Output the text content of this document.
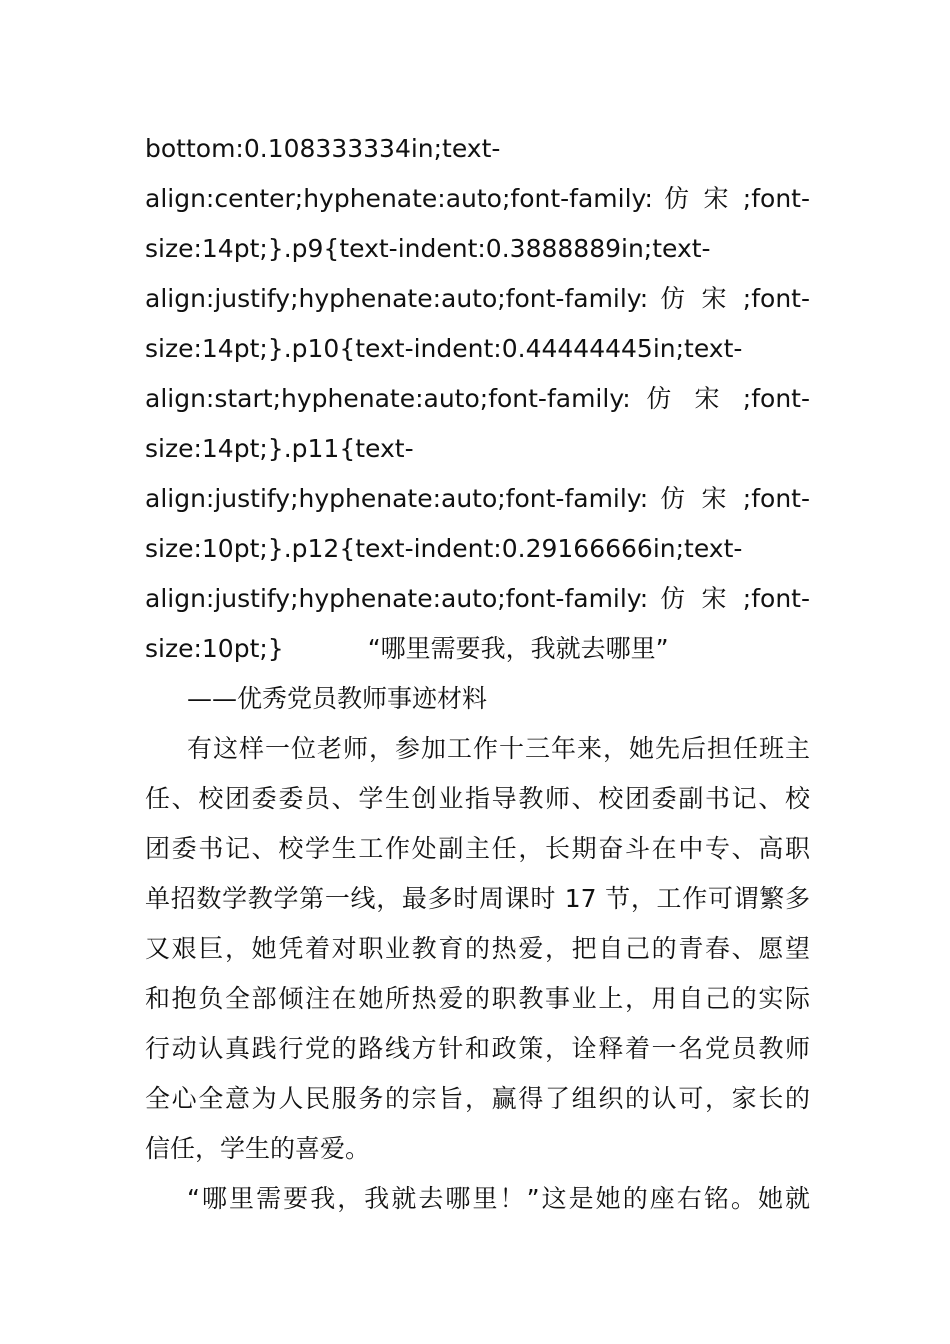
bottom:0.108333334in;text-
align:center;hyphenate:auto;font-family: 仿 宋 ;font-
size:14pt;}.p9{text-indent:0.3888889in;text-
align:justify;hyphenate:auto;font-family: 仿 宋 ;font-
size:14pt;}.p10{text-indent:0.44444445in;text-
align:start;hyphenate:auto;font-family: 仿 宋 ;font-
size:14pt;}.p11{text-
align:justify;hyphenate:auto;font-family: 仿 宋 ;font-
size:10pt;}.p12{text-indent:0.29166666in;text-
align:justify;hyphenate:auto;font-family: 仿 宋 ;font-
size:10pt;}	“哪里需要我，我就去哪里”
——优秀党员教师事迹材料
有这样一位老师，参加工作十三年来，她先后担任班主
任、校团委委员、学生创业指导教师、校团委副书记、校
团委书记、校学生工作处副主任，长期奋斗在中专、高职
单招数学教学第一线，最多时周课时 17 节，工作可谓繁多
又艰巨，她凭着对职业教育的热爱，把自己的青春、愿望
和抱负全部倾注在她所热爱的职教事业上，用自己的实际
行动认真践行党的路线方针和政策，诠释着一名党员教师
全心全意为人民服务的宗旨，赢得了组织的认可，家长的
信任，学生的喜爱。
“哪里需要我，我就去哪里！”这是她的座右铭。她就
